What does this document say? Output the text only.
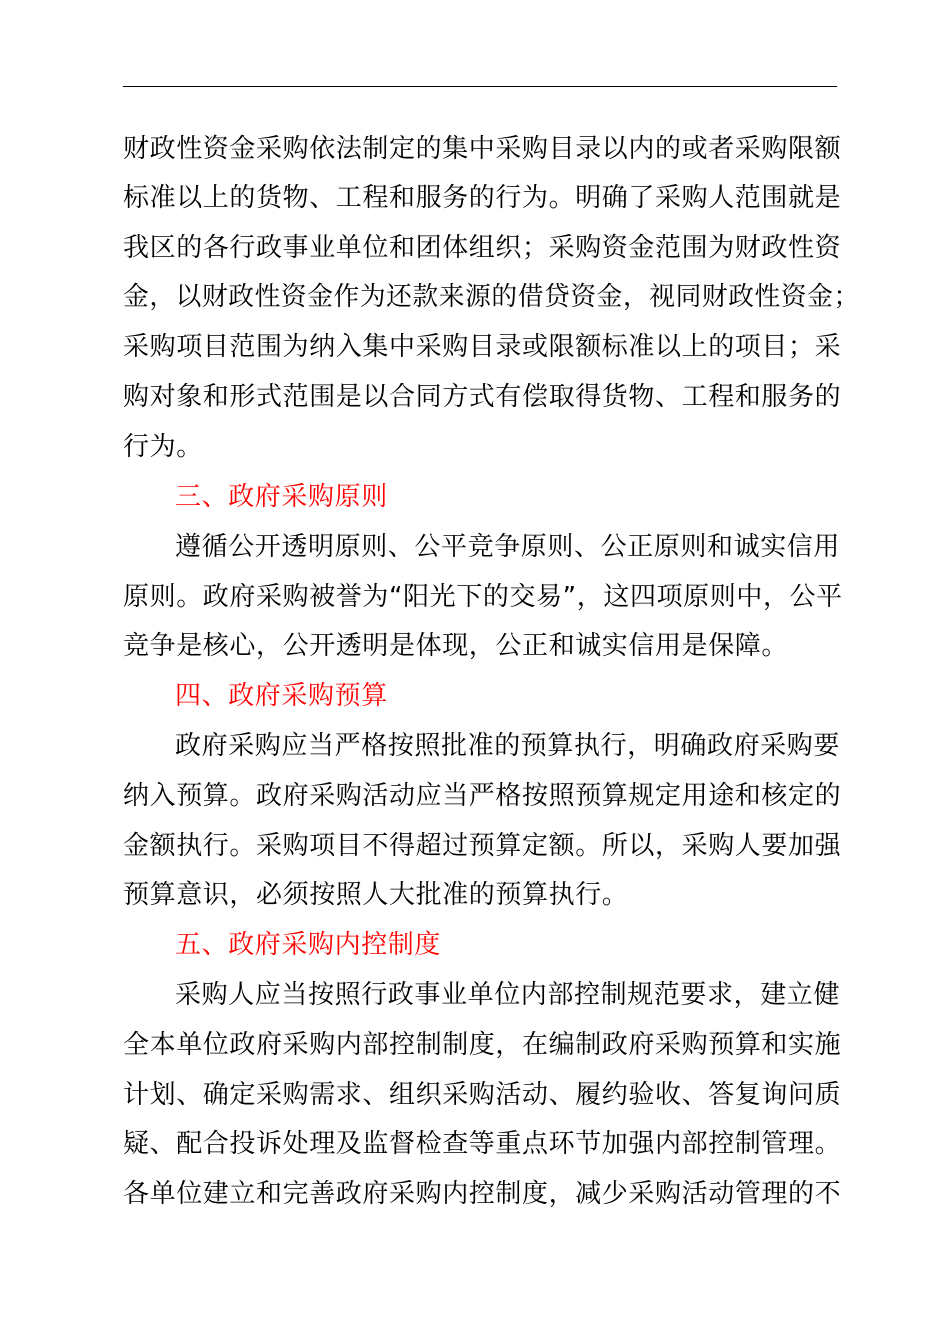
财政性资金采购依法制定的集中采购目录以内的或者采购限额
标准以上的货物、工程和服务的行为。明确了采购人范围就是
我区的各行政事业单位和团体组织；采购资金范围为财政性资
金，以财政性资金作为还款来源的借贷资金，视同财政性资金；
采购项目范围为纳入集中采购目录或限额标准以上的项目；采
购对象和形式范围是以合同方式有偿取得货物、工程和服务的
行为。
三、政府采购原则
遵循公开透明原则、公平竞争原则、公正原则和诚实信用
原则。政府采购被誉为“阳光下的交易”，这四项原则中，公平
竞争是核心，公开透明是体现，公正和诚实信用是保障。
四、政府采购预算
政府采购应当严格按照批准的预算执行，明确政府采购要
纳入预算。政府采购活动应当严格按照预算规定用途和核定的
金额执行。采购项目不得超过预算定额。所以，采购人要加强
预算意识，必须按照人大批准的预算执行。
五、政府采购内控制度
采购人应当按照行政事业单位内部控制规范要求，建立健
全本单位政府采购内部控制制度，在编制政府采购预算和实施
计划、确定采购需求、组织采购活动、履约验收、答复询问质
疑、配合投诉处理及监督检查等重点环节加强内部控制管理。
各单位建立和完善政府采购内控制度，减少采购活动管理的不
